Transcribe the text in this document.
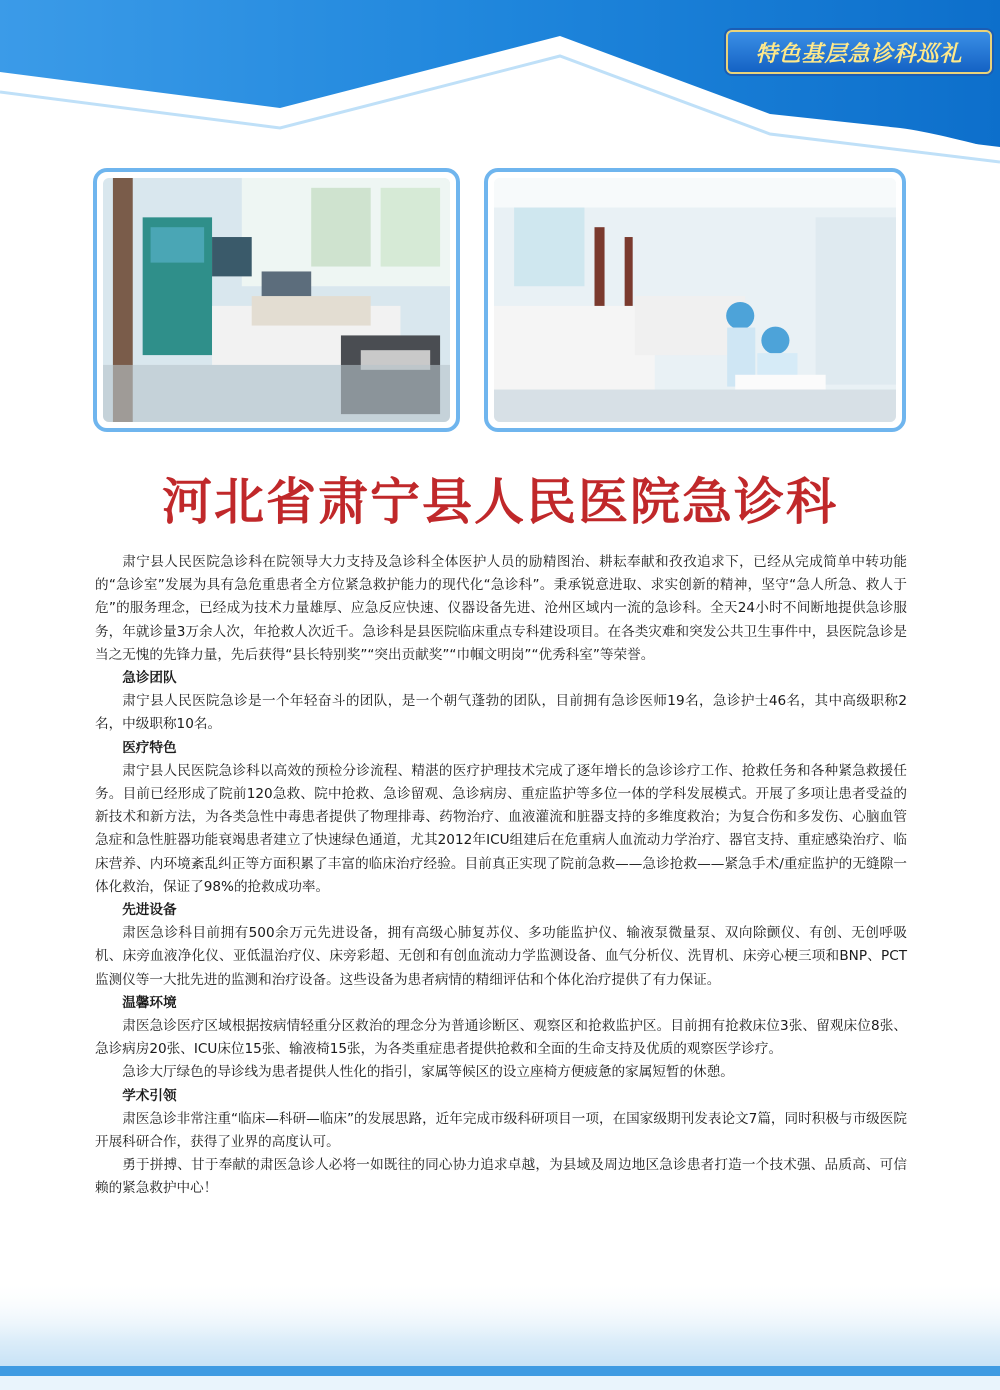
特色基层急诊科巡礼
河北省肃宁县人民医院急诊科

肃宁县人民医院急诊科在院领导大力支持及急诊科全体医护人员的励精图治、耕耘奉献和孜孜追求下，已经从完成简单中转功能的“急诊室”发展为具有急危重患者全方位紧急救护能力的现代化“急诊科”。秉承锐意进取、求实创新的精神，坚守“急人所急、救人于危”的服务理念，已经成为技术力量雄厚、应急反应快速、仪器设备先进、沧州区域内一流的急诊科。全天24小时不间断地提供急诊服务，年就诊量3万余人次，年抢救人次近千。急诊科是县医院临床重点专科建设项目。在各类灾难和突发公共卫生事件中，县医院急诊是当之无愧的先锋力量，先后获得“县长特别奖”“突出贡献奖”“巾帼文明岗”“优秀科室”等荣誉。

急诊团队

肃宁县人民医院急诊是一个年轻奋斗的团队，是一个朝气蓬勃的团队，目前拥有急诊医师19名，急诊护士46名，其中高级职称2名，中级职称10名。

医疗特色

肃宁县人民医院急诊科以高效的预检分诊流程、精湛的医疗护理技术完成了逐年增长的急诊诊疗工作、抢救任务和各种紧急救援任务。目前已经形成了院前120急救、院中抢救、急诊留观、急诊病房、重症监护等多位一体的学科发展模式。开展了多项让患者受益的新技术和新方法，为各类急性中毒患者提供了物理排毒、药物治疗、血液灌流和脏器支持的多维度救治；为复合伤和多发伤、心脑血管急症和急性脏器功能衰竭患者建立了快速绿色通道，尤其2012年ICU组建后在危重病人血流动力学治疗、器官支持、重症感染治疗、临床营养、内环境紊乱纠正等方面积累了丰富的临床治疗经验。目前真正实现了院前急救——急诊抢救——紧急手术/重症监护的无缝隙一体化救治，保证了98%的抢救成功率。

先进设备

肃医急诊科目前拥有500余万元先进设备，拥有高级心肺复苏仪、多功能监护仪、输液泵微量泵、双向除颤仪、有创、无创呼吸机、床旁血液净化仪、亚低温治疗仪、床旁彩超、无创和有创血流动力学监测设备、血气分析仪、洗胃机、床旁心梗三项和BNP、PCT监测仪等一大批先进的监测和治疗设备。这些设备为患者病情的精细评估和个体化治疗提供了有力保证。

温馨环境

肃医急诊医疗区域根据按病情轻重分区救治的理念分为普通诊断区、观察区和抢救监护区。目前拥有抢救床位3张、留观床位8张、急诊病房20张、ICU床位15张、输液椅15张，为各类重症患者提供抢救和全面的生命支持及优质的观察医学诊疗。

急诊大厅绿色的导诊线为患者提供人性化的指引，家属等候区的设立座椅方便疲惫的家属短暂的休憩。

学术引领

肃医急诊非常注重“临床—科研—临床”的发展思路，近年完成市级科研项目一项，在国家级期刊发表论文7篇，同时积极与市级医院开展科研合作，获得了业界的高度认可。

勇于拼搏、甘于奉献的肃医急诊人必将一如既往的同心协力追求卓越，为县域及周边地区急诊患者打造一个技术强、品质高、可信赖的紧急救护中心！
